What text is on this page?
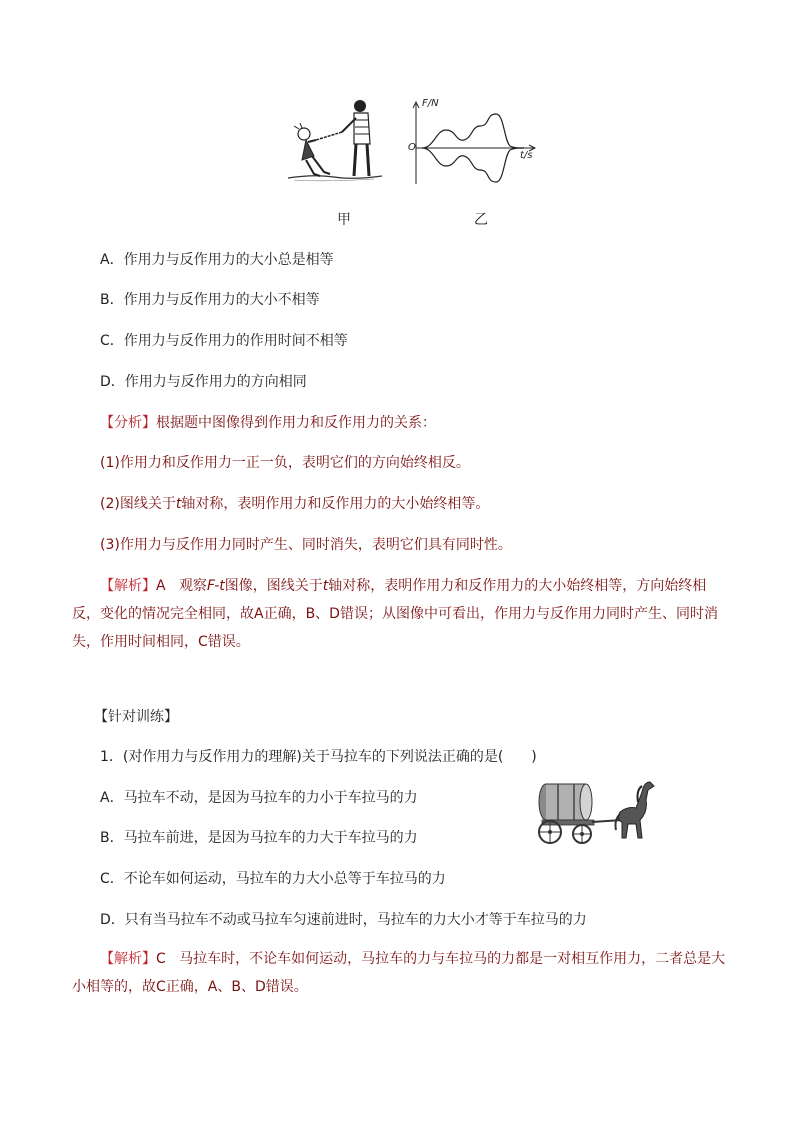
F/N
t/s
O
甲	乙
A．作用力与反作用力的大小总是相等
B．作用力与反作用力的大小不相等
C．作用力与反作用力的作用时间不相等
D．作用力与反作用力的方向相同
【分析】根据题中图像得到作用力和反作用力的关系：
(1)作用力和反作用力一正一负，表明它们的方向始终相反。
(2)图线关于t轴对称，表明作用力和反作用力的大小始终相等。
(3)作用力与反作用力同时产生、同时消失，表明它们具有同时性。
【解析】A 观察F-t图像，图线关于t轴对称，表明作用力和反作用力的大小始终相等，方向始终相反，变化的情况完全相同，故A正确，B、D错误；从图像中可看出，作用力与反作用力同时产生、同时消失，作用时间相同，C错误。
【针对训练】
1．(对作用力与反作用力的理解)关于马拉车的下列说法正确的是(　　)
A．马拉车不动，是因为马拉车的力小于车拉马的力
B．马拉车前进，是因为马拉车的力大于车拉马的力
C．不论车如何运动，马拉车的力大小总等于车拉马的力
D．只有当马拉车不动或马拉车匀速前进时，马拉车的力大小才等于车拉马的力
【解析】C 马拉车时，不论车如何运动，马拉车的力与车拉马的力都是一对相互作用力，二者总是大小相等的，故C正确，A、B、D错误。
